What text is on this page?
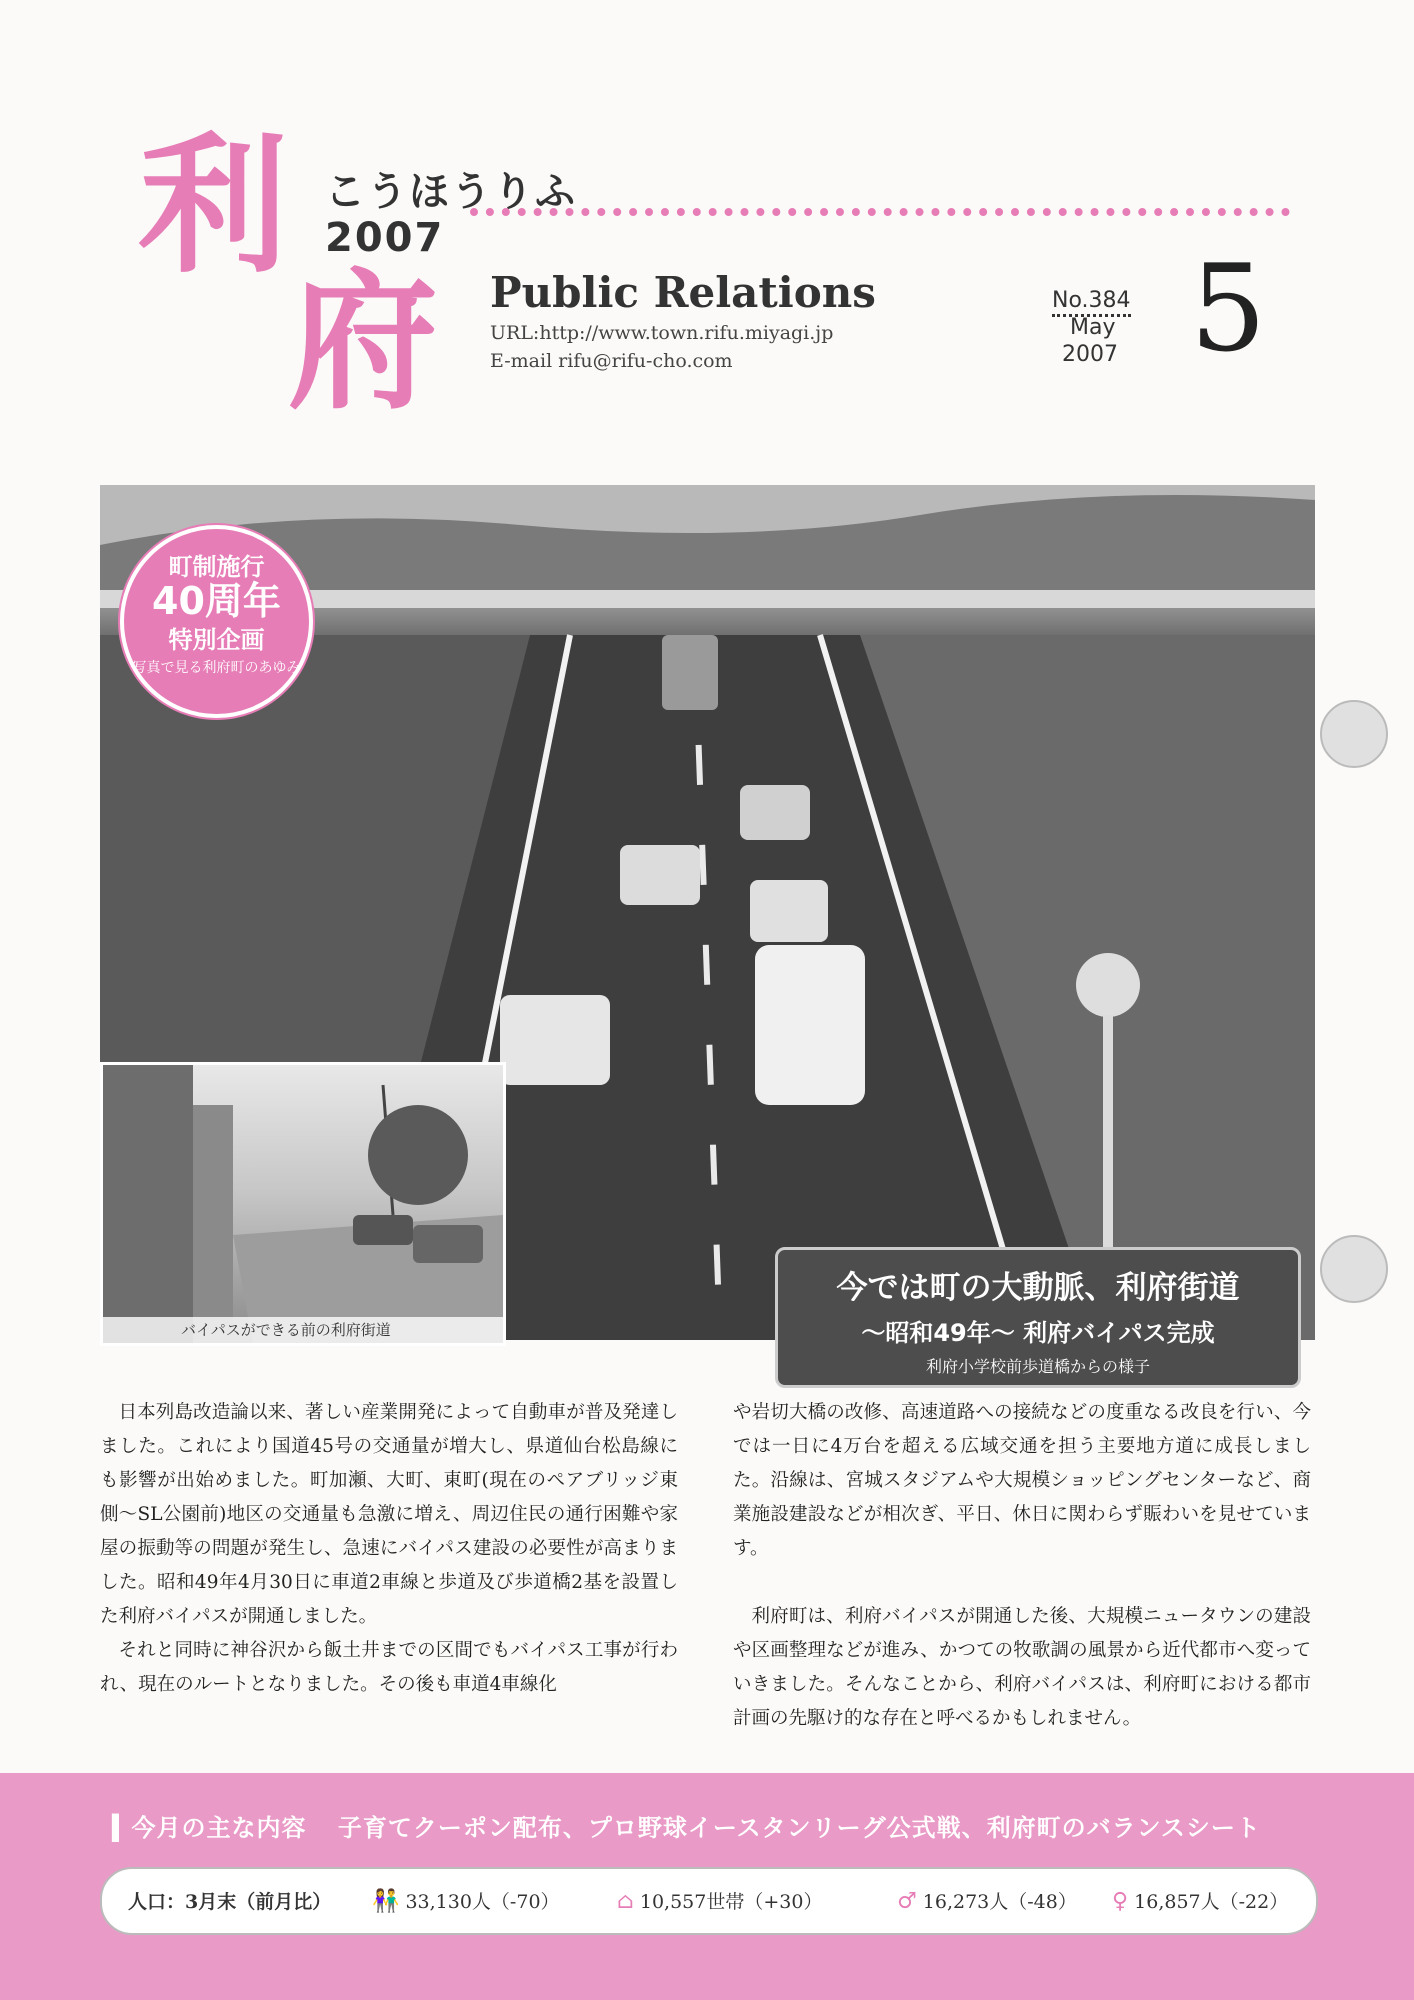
利
府
こうほうりふ
2007
Public Relations
URL:http://www.town.rifu.miyagi.jp
E-mail rifu@rifu-cho.com
No.384
May
2007 5
バイパスができる前の利府街道
町制施行
40周年
特別企画
写真で見る利府町のあゆみ
今では町の大動脈、利府街道
～昭和49年～ 利府バイパス完成
利府小学校前歩道橋からの様子

日本列島改造論以来、著しい産業開発によって自動車が普及発達しました。これにより国道45号の交通量が増大し、県道仙台松島線にも影響が出始めました。町加瀬、大町、東町(現在のペアブリッジ東側～SL公園前)地区の交通量も急激に増え、周辺住民の通行困難や家屋の振動等の問題が発生し、急速にバイパス建設の必要性が高まりました。昭和49年4月30日に車道2車線と歩道及び歩道橋2基を設置した利府バイパスが開通しました。

それと同時に神谷沢から飯土井までの区間でもバイパス工事が行われ、現在のルートとなりました。その後も車道4車線化

や岩切大橋の改修、高速道路への接続などの度重なる改良を行い、今では一日に4万台を超える広域交通を担う主要地方道に成長しました。沿線は、宮城スタジアムや大規模ショッピングセンターなど、商業施設建設などが相次ぎ、平日、休日に関わらず賑わいを見せています。

利府町は、利府バイパスが開通した後、大規模ニュータウンの建設や区画整理などが進み、かつての牧歌調の風景から近代都市へ変っていきました。そんなことから、利府バイパスは、利府町における都市計画の先駆け的な存在と呼べるかもしれません。

▍今月の主な内容 子育てクーポン配布、プロ野球イースタンリーグ公式戦、利府町のバランスシート
人口：3月末（前月比） 👫 33,130人（-70）	⌂ 10,557世帯（+30）	♂ 16,273人（-48） ♀ 16,857人（-22）
